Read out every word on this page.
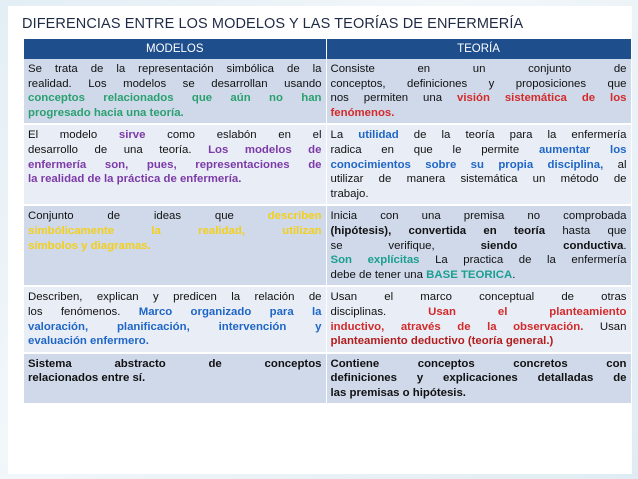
DIFERENCIAS ENTRE LOS MODELOS Y LAS TEORÍAS DE ENFERMERÍA
MODELOS	TEORÍA

Se trata de la representación simbólica de la
realidad. Los modelos se desarrollan usando
conceptos relacionados que aún no han
progresado hacia una teoría.	Consiste en un conjunto de
conceptos, definiciones y proposiciones que
nos permiten una visión sistemática de los
fenómenos.

El modelo sirve como eslabón en el
desarrollo de una teoría. Los modelos de
enfermería son, pues, representaciones de
la realidad de la práctica de enfermería.	La utilidad de la teoría para la enfermería
radica en que le permite aumentar los
conocimientos sobre su propia disciplina, al
utilizar de manera sistemática un método de
trabajo.

Conjunto de ideas que describen
simbólicamente la realidad, utilizan
símbolos y diagramas.	Inicia con una premisa no comprobada
(hipótesis), convertida en teoría hasta que
se verifique, siendo conductiva.
Son explícitas La practica de la enfermería
debe de tener una BASE TEORICA.

Describen, explican y predicen la relación de
los fenómenos. Marco organizado para la
valoración, planificación, intervención y
evaluación enfermero.	Usan el marco conceptual de otras
disciplinas. Usan el planteamiento
inductivo, através de la observación. Usan
planteamiento deductivo (teoría general.)

Sistema abstracto de conceptos
relacionados entre sí.	Contiene conceptos concretos con
definiciones y explicaciones detalladas de
las premisas o hipótesis.
